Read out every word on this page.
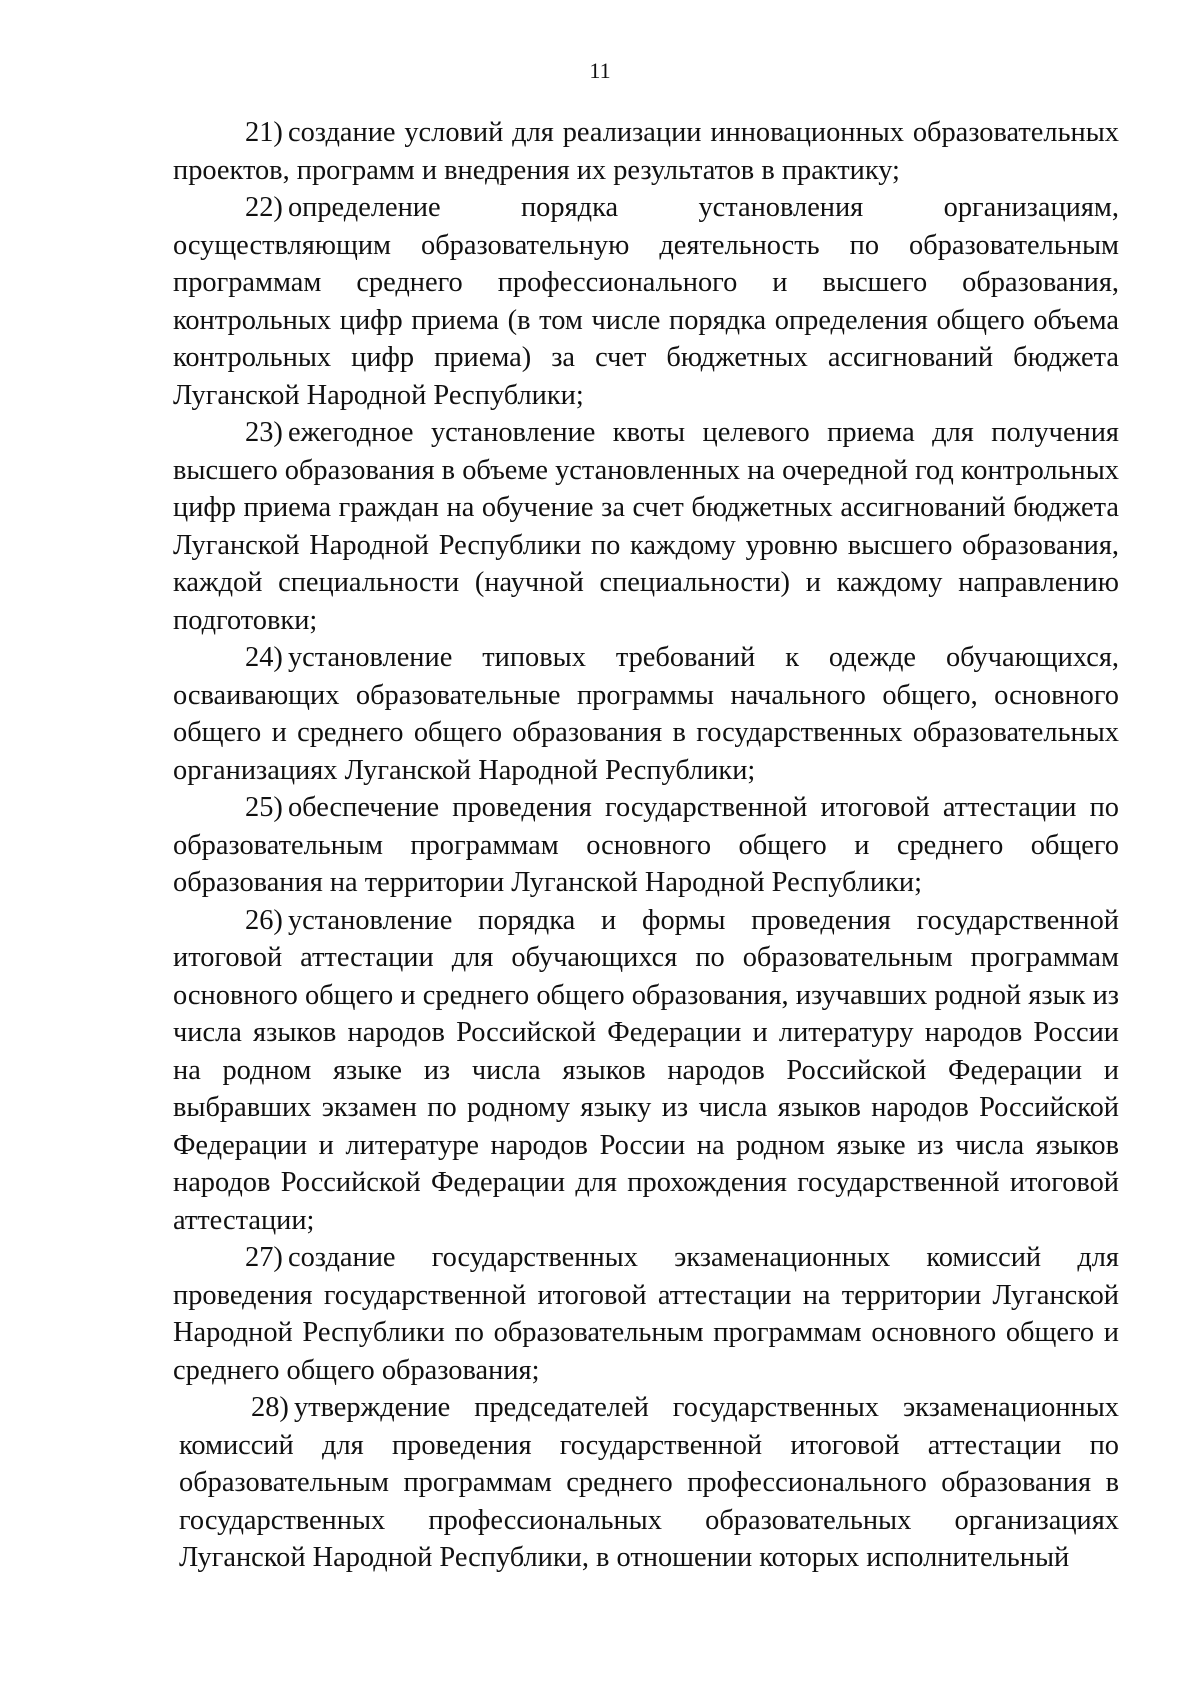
11

21) создание условий для реализации инновационных образовательных проектов, программ и внедрения их результатов в практику;

22) определение порядка установления организациям, осуществляющим образовательную деятельность по образовательным программам среднего профессионального и высшего образования, контрольных цифр приема (в том числе порядка определения общего объема контрольных цифр приема) за счет бюджетных ассигнований бюджета Луганской Народной Республики;

23) ежегодное установление квоты целевого приема для получения высшего образования в объеме установленных на очередной год контрольных цифр приема граждан на обучение за счет бюджетных ассигнований бюджета Луганской Народной Республики по каждому уровню высшего образования, каждой специальности (научной специальности) и каждому направлению подготовки;

24) установление типовых требований к одежде обучающихся, осваивающих образовательные программы начального общего, основного общего и среднего общего образования в государственных образовательных организациях Луганской Народной Республики;

25) обеспечение проведения государственной итоговой аттестации по образовательным программам основного общего и среднего общего образования на территории Луганской Народной Республики;

26) установление порядка и формы проведения государственной итоговой аттестации для обучающихся по образовательным программам основного общего и среднего общего образования, изучавших родной язык из числа языков народов Российской Федерации и литературу народов России на родном языке из числа языков народов Российской Федерации и выбравших экзамен по родному языку из числа языков народов Российской Федерации и литературе народов России на родном языке из числа языков народов Российской Федерации для прохождения государственной итоговой аттестации;

27) создание государственных экзаменационных комиссий для проведения государственной итоговой аттестации на территории Луганской Народной Республики по образовательным программам основного общего и среднего общего образования;

28) утверждение председателей государственных экзаменационных комиссий для проведения государственной итоговой аттестации по образовательным программам среднего профессионального образования в государственных профессиональных образовательных организациях Луганской Народной Республики, в отношении которых исполнительный
